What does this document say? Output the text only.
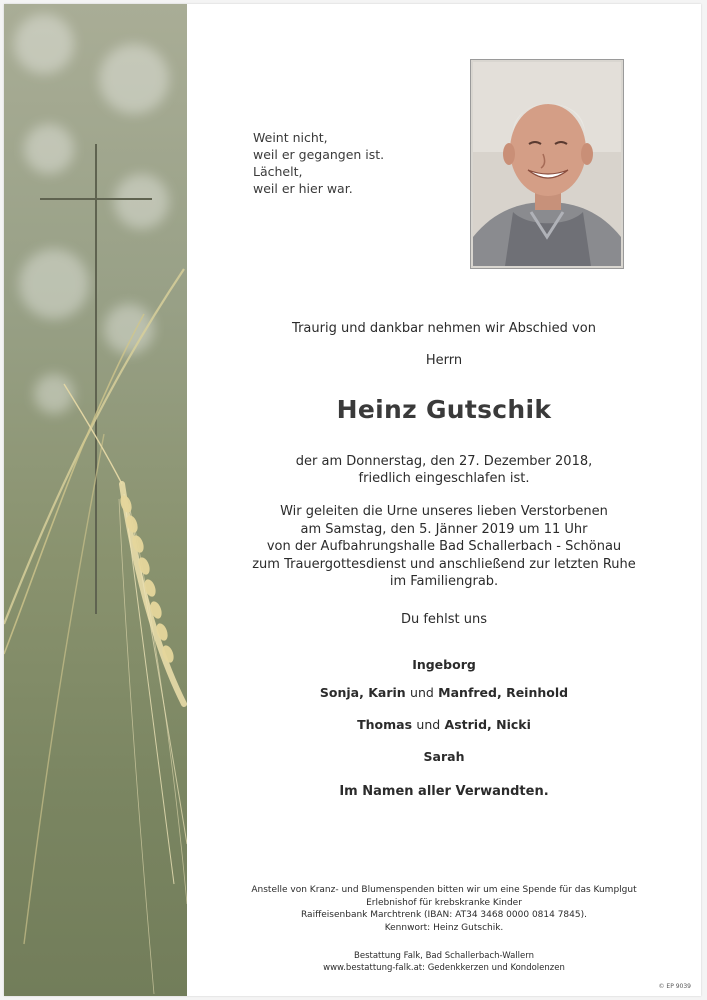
Weint nicht,
weil er gegangen ist.
Lächelt,
weil er hier war.
Traurig und dankbar nehmen wir Abschied von
Herrn
Heinz Gutschik
der am Donnerstag, den 27. Dezember 2018,
friedlich eingeschlafen ist.
Wir geleiten die Urne unseres lieben Verstorbenen
am Samstag, den 5. Jänner 2019 um 11 Uhr
von der Aufbahrungshalle Bad Schallerbach - Schönau
zum Trauergottesdienst und anschließend zur letzten Ruhe
im Familiengrab.
Du fehlst uns
Ingeborg
Sonja, Karin und Manfred, Reinhold
Thomas und Astrid, Nicki
Sarah
Im Namen aller Verwandten.
Anstelle von Kranz- und Blumenspenden bitten wir um eine Spende für das Kumplgut
Erlebnishof für krebskranke Kinder
Raiffeisenbank Marchtrenk (IBAN: AT34 3468 0000 0814 7845).
Kennwort: Heinz Gutschik.
Bestattung Falk, Bad Schallerbach-Wallern
www.bestattung-falk.at: Gedenkkerzen und Kondolenzen
© EP 9039
